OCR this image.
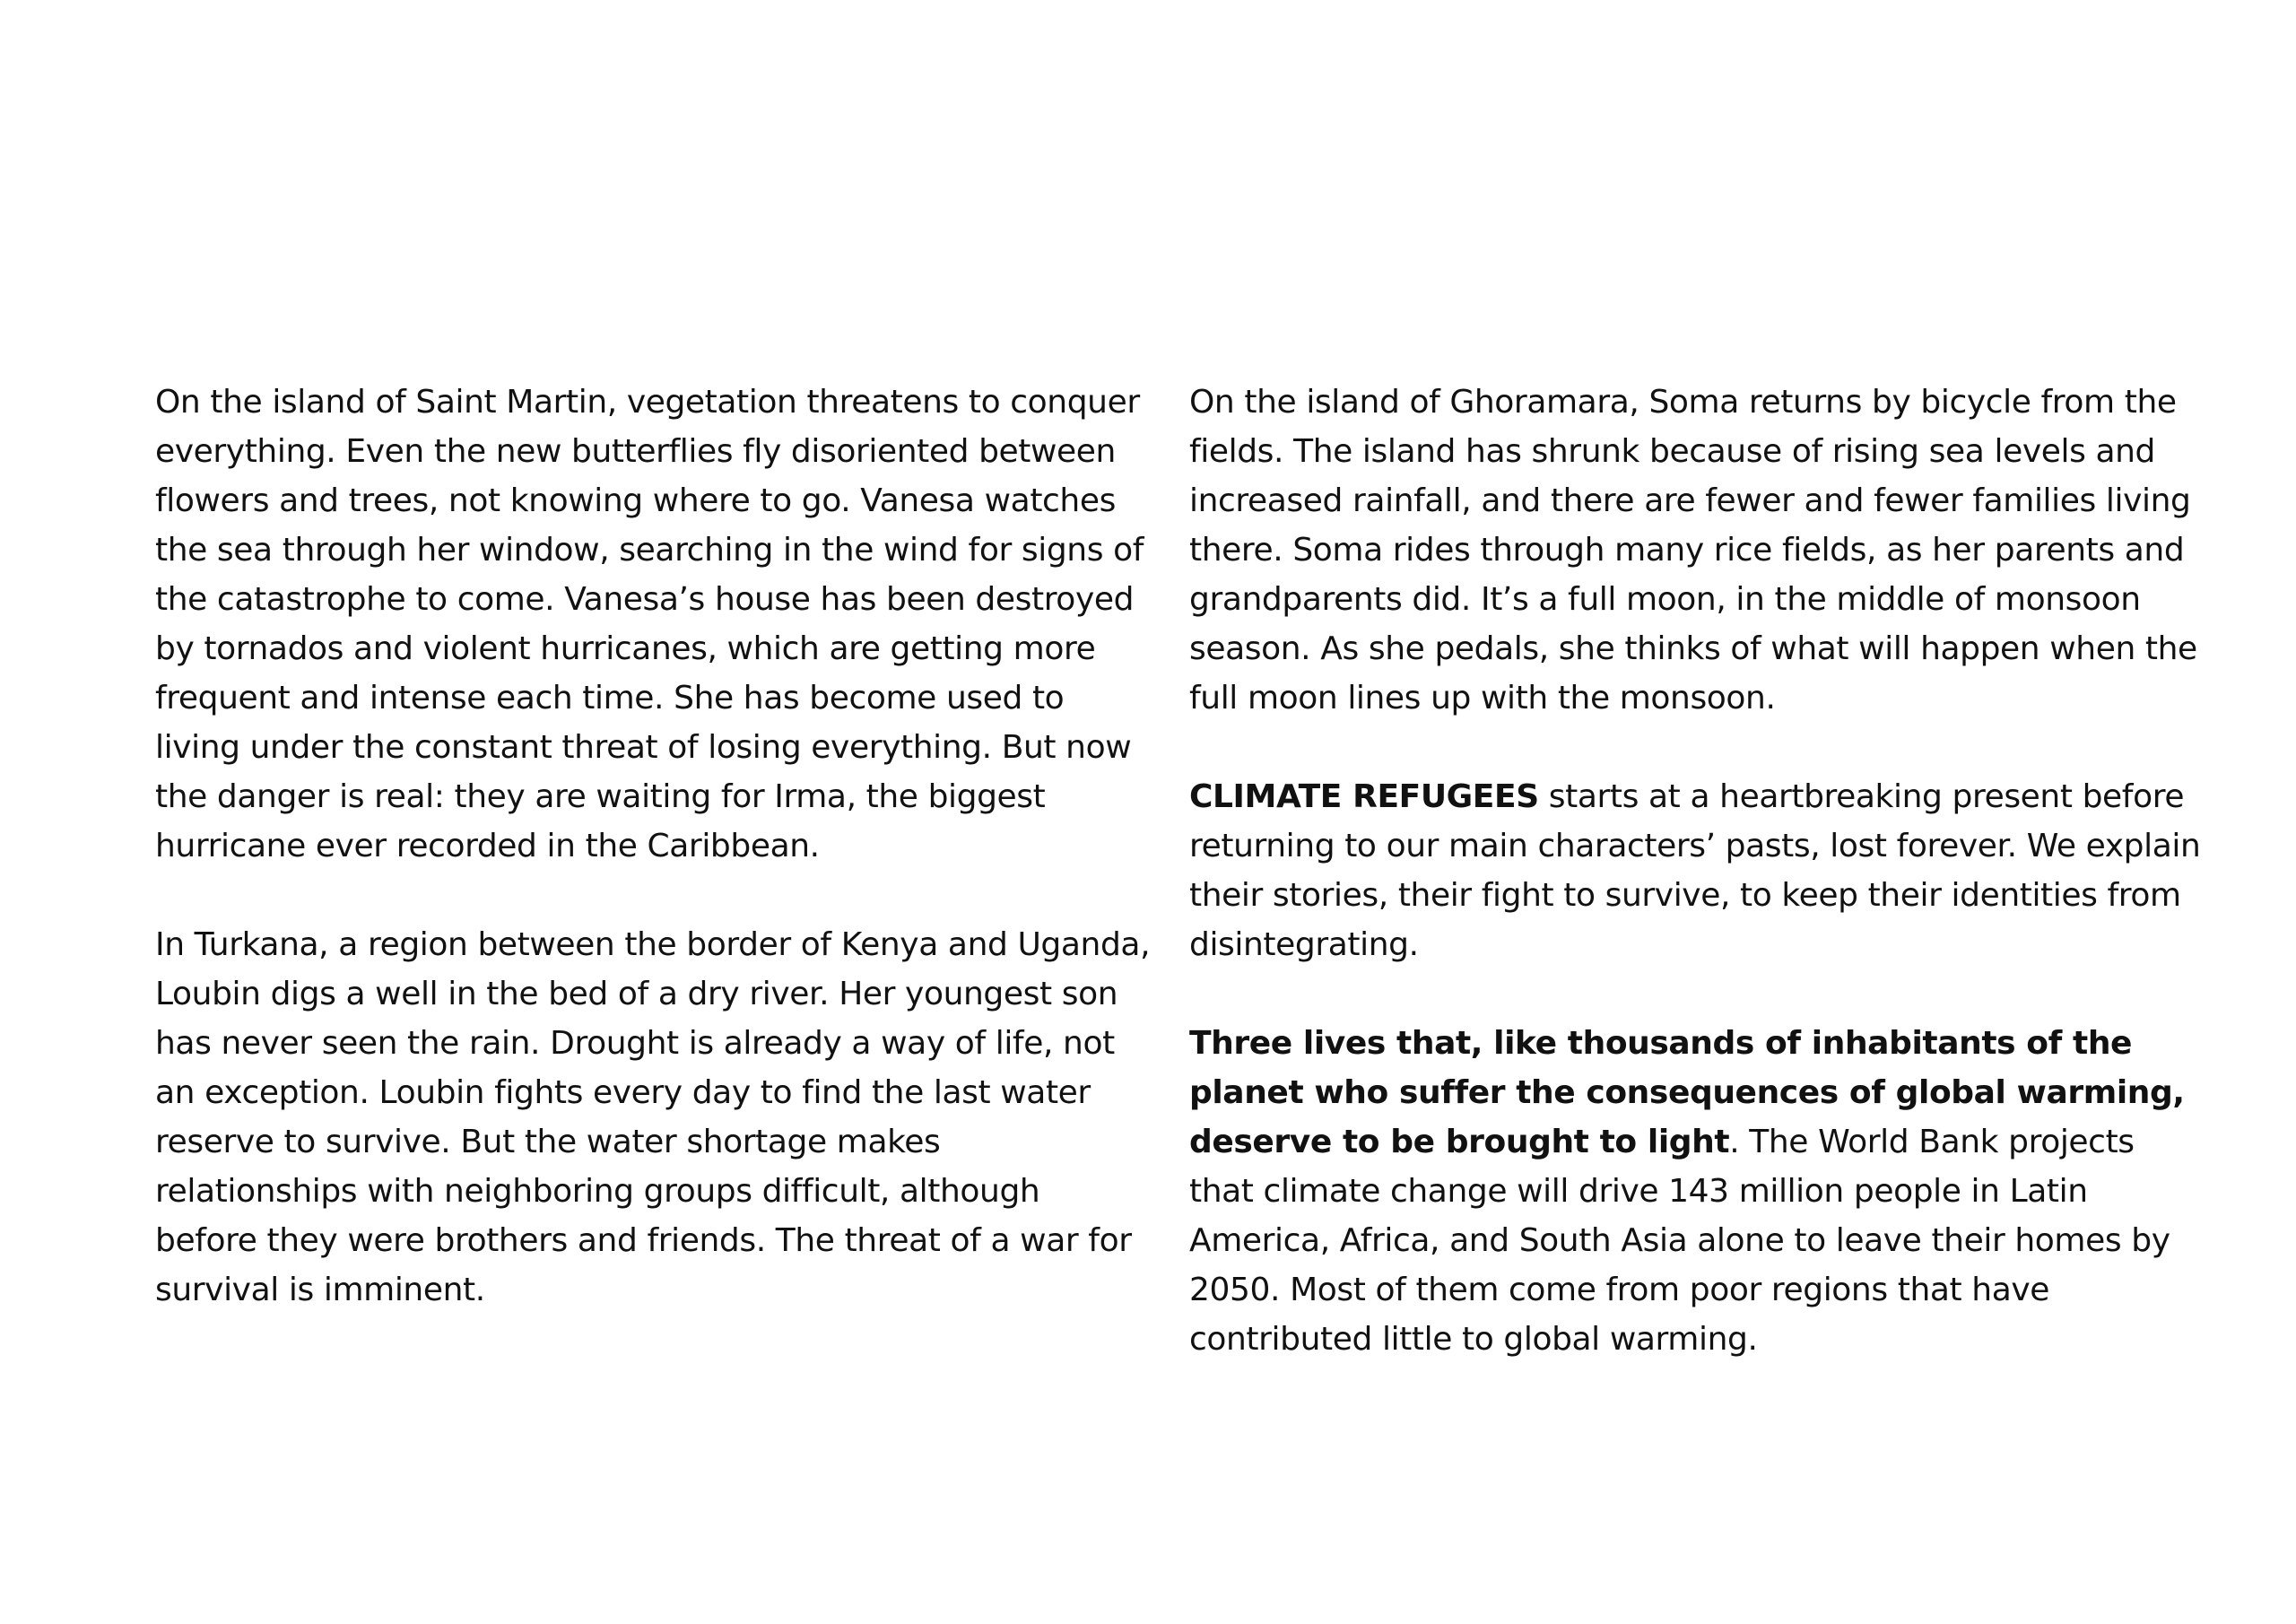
On the island of Saint Martin, vegetation threatens to conquer everything. Even the new butterflies fly disoriented between flowers and trees, not knowing where to go. Vanesa watches the sea through her window, searching in the wind for signs of the catastrophe to come. Vanesa’s house has been destroyed by tornados and violent hurricanes, which are getting more frequent and intense each time. She has become used to living under the constant threat of losing everything. But now the danger is real: they are waiting for Irma, the biggest hurricane ever recorded in the Caribbean.

In Turkana, a region between the border of Kenya and Uganda, Loubin digs a well in the bed of a dry river. Her youngest son has never seen the rain. Drought is already a way of life, not an exception. Loubin fights every day to find the last water reserve to survive. But the water shortage makes relationships with neighboring groups difficult, although before they were brothers and friends. The threat of a war for survival is imminent.

On the island of Ghoramara, Soma returns by bicycle from the fields. The island has shrunk because of rising sea levels and increased rainfall, and there are fewer and fewer families living there. Soma rides through many rice fields, as her parents and grandparents did. It’s a full moon, in the middle of monsoon season. As she pedals, she thinks of what will happen when the full moon lines up with the monsoon.

CLIMATE REFUGEES starts at a heartbreaking present before returning to our main characters’ pasts, lost forever. We explain their stories, their fight to survive, to keep their identities from disintegrating.

Three lives that, like thousands of inhabitants of the planet who suffer the consequences of global warming, deserve to be brought to light. The World Bank projects that climate change will drive 143 million people in Latin America, Africa, and South Asia alone to leave their homes by 2050. Most of them come from poor regions that have contributed little to global warming.
